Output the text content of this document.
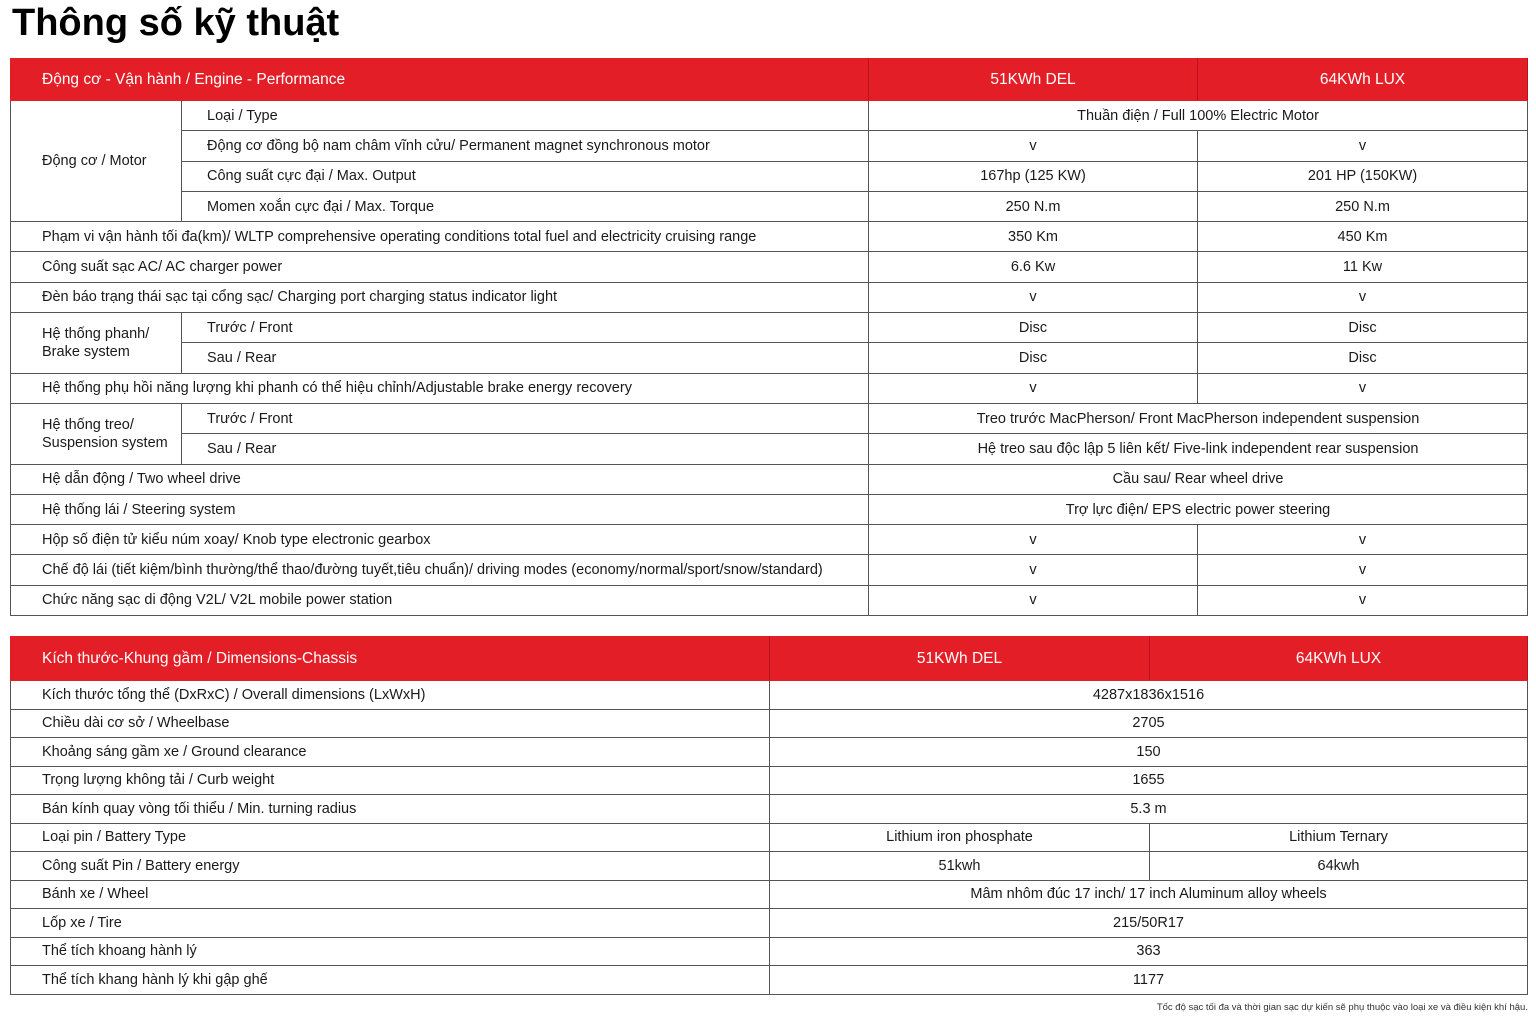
Thông số kỹ thuật
Động cơ - Vận hành / Engine - Performance		51KWh DEL	64KWh LUX
Động cơ / Motor	Loại / Type	Thuần điện / Full 100% Electric Motor	
	Động cơ đồng bộ nam châm vĩnh cửu/ Permanent magnet synchronous motor	v	v
	Công suất cực đại / Max. Output	167hp (125 KW)	201 HP (150KW)
	Momen xoắn cực đại / Max. Torque	250 N.m	250 N.m
Phạm vi vận hành tối đa(km)/ WLTP comprehensive operating conditions total fuel and electricity cruising range		350 Km	450 Km
Công suất sạc AC/ AC charger power		6.6 Kw	11 Kw
Đèn báo trạng thái sạc tại cổng sạc/ Charging port charging status indicator light		v	v
Hệ thống phanh/
Brake system	Trước / Front	Disc	Disc
	Sau / Rear	Disc	Disc
Hệ thống phụ hồi năng lượng khi phanh có thể hiệu chỉnh/Adjustable brake energy recovery		v	v
Hệ thống treo/
Suspension system	Trước / Front	Treo trước MacPherson/ Front MacPherson independent suspension	
	Sau / Rear	Hệ treo sau độc lập 5 liên kết/ Five-link independent rear suspension	
Hệ dẫn động / Two wheel drive		Cầu sau/ Rear wheel drive	
Hệ thống lái / Steering system		Trợ lực điện/ EPS electric power steering	
Hộp số điện tử kiểu núm xoay/ Knob type electronic gearbox		v	v
Chế độ lái (tiết kiệm/bình thường/thể thao/đường tuyết,tiêu chuẩn)/ driving modes (economy/normal/sport/snow/standard)		v	v
Chức năng sạc di động V2L/ V2L mobile power station		v	v
Kích thước-Khung gầm / Dimensions-Chassis	51KWh DEL	64KWh LUX
Kích thước tổng thể (DxRxC) / Overall dimensions (LxWxH)	4287x1836x1516	
Chiều dài cơ sở / Wheelbase	2705	
Khoảng sáng gầm xe / Ground clearance	150	
Trọng lượng không tải / Curb weight	1655	
Bán kính quay vòng tối thiểu / Min. turning radius	5.3 m	
Loại pin / Battery Type	Lithium iron phosphate	Lithium Ternary
Công suất Pin / Battery energy	51kwh	64kwh
Bánh xe / Wheel	Mâm nhôm đúc 17 inch/ 17 inch Aluminum alloy wheels	
Lốp xe / Tire	215/50R17	
Thể tích khoang hành lý	363	
Thể tích khang hành lý khi gập ghế	1177	
Tốc độ sạc tối đa và thời gian sạc dự kiến sẽ phụ thuộc vào loại xe và điều kiện khí hậu.
